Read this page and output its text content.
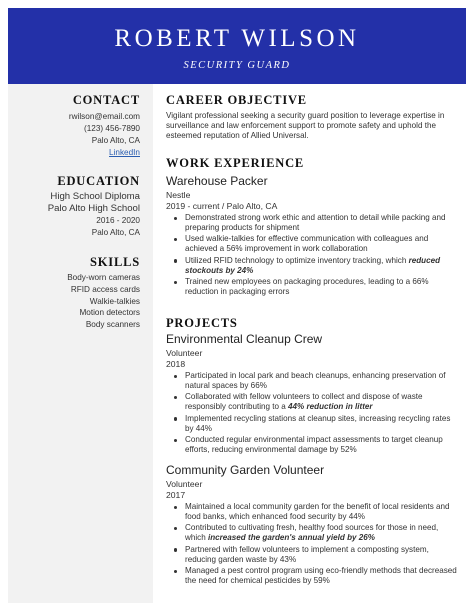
ROBERT WILSON
SECURITY GUARD
CONTACT
rwilson@email.com
(123) 456-7890
Palo Alto, CA
LinkedIn
EDUCATION
High School Diploma
Palo Alto High School
2016 - 2020
Palo Alto, CA
SKILLS
Body-worn cameras
RFID access cards
Walkie-talkies
Motion detectors
Body scanners
CAREER OBJECTIVE
Vigilant professional seeking a security guard position to leverage expertise in surveillance and law enforcement support to promote safety and uphold the esteemed reputation of Allied Universal.
WORK EXPERIENCE
Warehouse Packer
Nestle
2019 - current / Palo Alto, CA
Demonstrated strong work ethic and attention to detail while packing and preparing products for shipment
Used walkie-talkies for effective communication with colleagues and achieved a 56% improvement in work collaboration
Utilized RFID technology to optimize inventory tracking, which reduced stockouts by 24%
Trained new employees on packaging procedures, leading to a 66% reduction in packaging errors
PROJECTS
Environmental Cleanup Crew
Volunteer
2018
Participated in local park and beach cleanups, enhancing preservation of natural spaces by 66%
Collaborated with fellow volunteers to collect and dispose of waste responsibly contributing to a 44% reduction in litter
Implemented recycling stations at cleanup sites, increasing recycling rates by 44%
Conducted regular environmental impact assessments to target cleanup efforts, reducing environmental damage by 52%
Community Garden Volunteer
Volunteer
2017
Maintained a local community garden for the benefit of local residents and food banks, which enhanced food security by 44%
Contributed to cultivating fresh, healthy food sources for those in need, which increased the garden's annual yield by 26%
Partnered with fellow volunteers to implement a composting system, reducing garden waste by 43%
Managed a pest control program using eco-friendly methods that decreased the need for chemical pesticides by 59%
